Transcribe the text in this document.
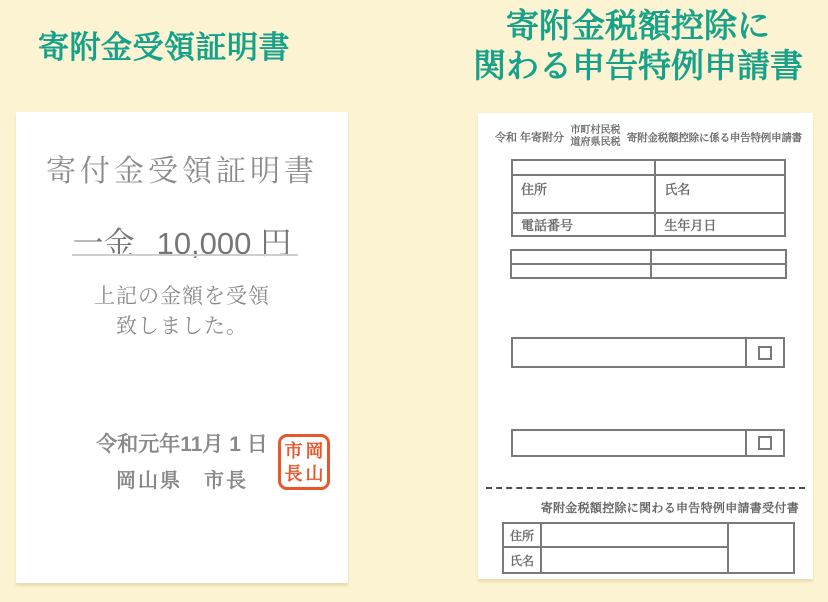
寄附金受領証明書
寄付金受領証明書
一金 10,000 円
上記の金額を受領
致しました。
令和元年11月 1 日
岡山県　市長
市 岡
長 山
寄附金税額控除に
関わる申告特例申請書
令和 年寄附分
市町村民税
道府県民税 寄附金税額控除に係る申告特例申請書

住所	氏名
電話番号	生年月日

寄附金税額控除に関わる申告特例申請書受付書
住所
氏名
